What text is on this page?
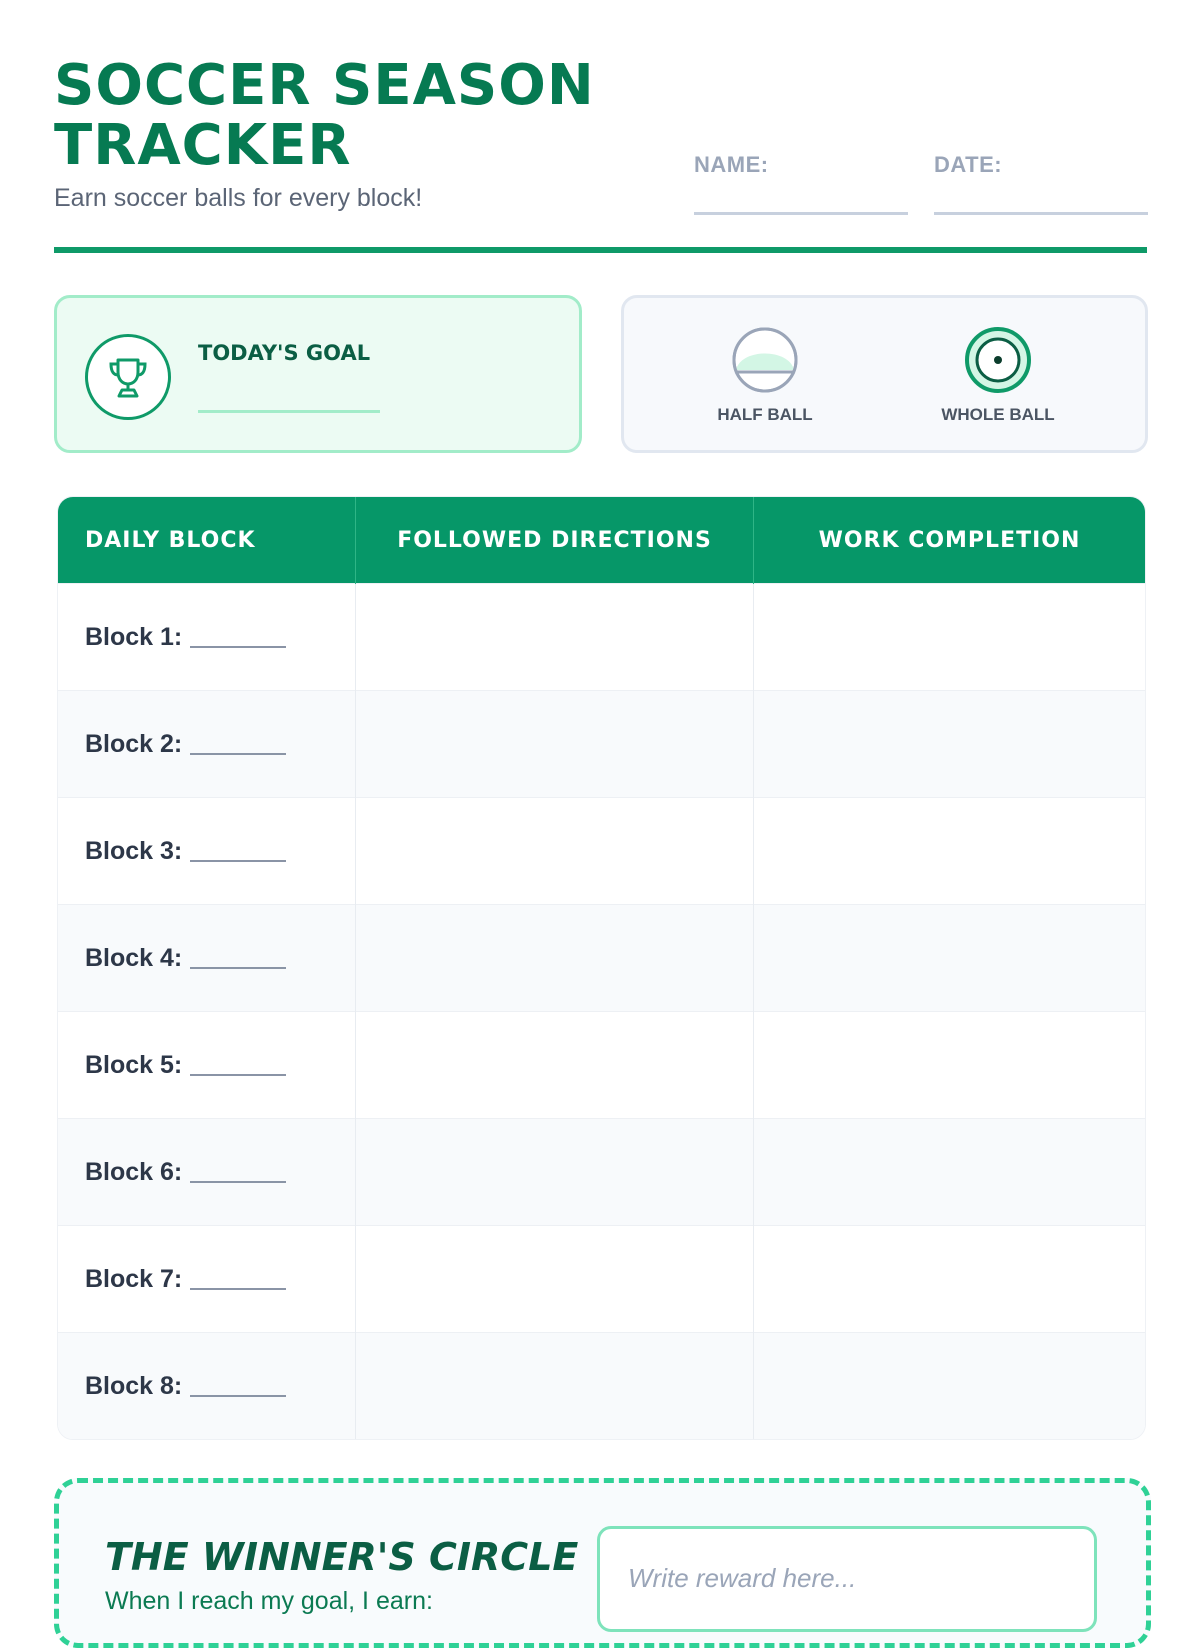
SOCCER SEASON TRACKER

Earn soccer balls for every block!

NAME:	DATE:
TODAY'S GOAL
HALF BALL	WHOLE BALL
DAILY BLOCK	FOLLOWED DIRECTIONS	WORK COMPLETION
Block 1:		
Block 2:		
Block 3:		
Block 4:		
Block 5:		
Block 6:		
Block 7:		
Block 8:		
THE WINNER'S CIRCLE

When I reach my goal, I earn:

Write reward here...
